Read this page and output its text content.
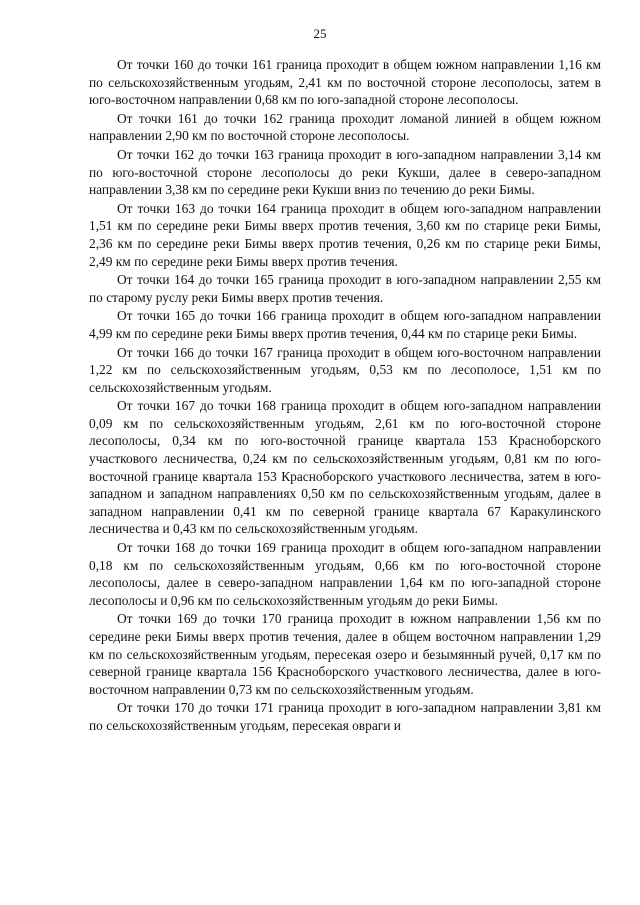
25

От точки 160 до точки 161 граница проходит в общем южном направлении 1,16 км по сельскохозяйственным угодьям, 2,41 км по восточной стороне лесополосы, затем в юго-восточном направлении 0,68 км по юго-западной стороне лесополосы.

От точки 161 до точки 162 граница проходит ломаной линией в общем южном направлении 2,90 км по восточной стороне лесополосы.

От точки 162 до точки 163 граница проходит в юго-западном направлении 3,14 км по юго-восточной стороне лесополосы до реки Кукши, далее в северо-западном направлении 3,38 км по середине реки Кукши вниз по течению до реки Бимы.

От точки 163 до точки 164 граница проходит в общем юго-западном направлении 1,51 км по середине реки Бимы вверх против течения, 3,60 км по старице реки Бимы, 2,36 км по середине реки Бимы вверх против течения, 0,26 км по старице реки Бимы, 2,49 км по середине реки Бимы вверх против течения.

От точки 164 до точки 165 граница проходит в юго-западном направлении 2,55 км по старому руслу реки Бимы вверх против течения.

От точки 165 до точки 166 граница проходит в общем юго-западном направлении 4,99 км по середине реки Бимы вверх против течения, 0,44 км по старице реки Бимы.

От точки 166 до точки 167 граница проходит в общем юго-восточном направлении 1,22 км по сельскохозяйственным угодьям, 0,53 км по лесополосе, 1,51 км по сельскохозяйственным угодьям.

От точки 167 до точки 168 граница проходит в общем юго-западном направлении 0,09 км по сельскохозяйственным угодьям, 2,61 км по юго-восточной стороне лесополосы, 0,34 км по юго-восточной границе квартала 153 Красноборского участкового лесничества, 0,24 км по сельскохозяйственным угодьям, 0,81 км по юго-восточной границе квартала 153 Красноборского участкового лесничества, затем в юго-западном и западном направлениях 0,50 км по сельскохозяйственным угодьям, далее в западном направлении 0,41 км по северной границе квартала 67 Каракулинского лесничества и 0,43 км по сельскохозяйственным угодьям.

От точки 168 до точки 169 граница проходит в общем юго-западном направлении 0,18 км по сельскохозяйственным угодьям, 0,66 км по юго-восточной стороне лесополосы, далее в северо-западном направлении 1,64 км по юго-западной стороне лесополосы и 0,96 км по сельскохозяйственным угодьям до реки Бимы.

От точки 169 до точки 170 граница проходит в южном направлении 1,56 км по середине реки Бимы вверх против течения, далее в общем восточном направлении 1,29 км по сельскохозяйственным угодьям, пересекая озеро и безымянный ручей, 0,17 км по северной границе квартала 156 Красноборского участкового лесничества, далее в юго-восточном направлении 0,73 км по сельскохозяйственным угодьям.

От точки 170 до точки 171 граница проходит в юго-западном направлении 3,81 км по сельскохозяйственным угодьям, пересекая овраги и
